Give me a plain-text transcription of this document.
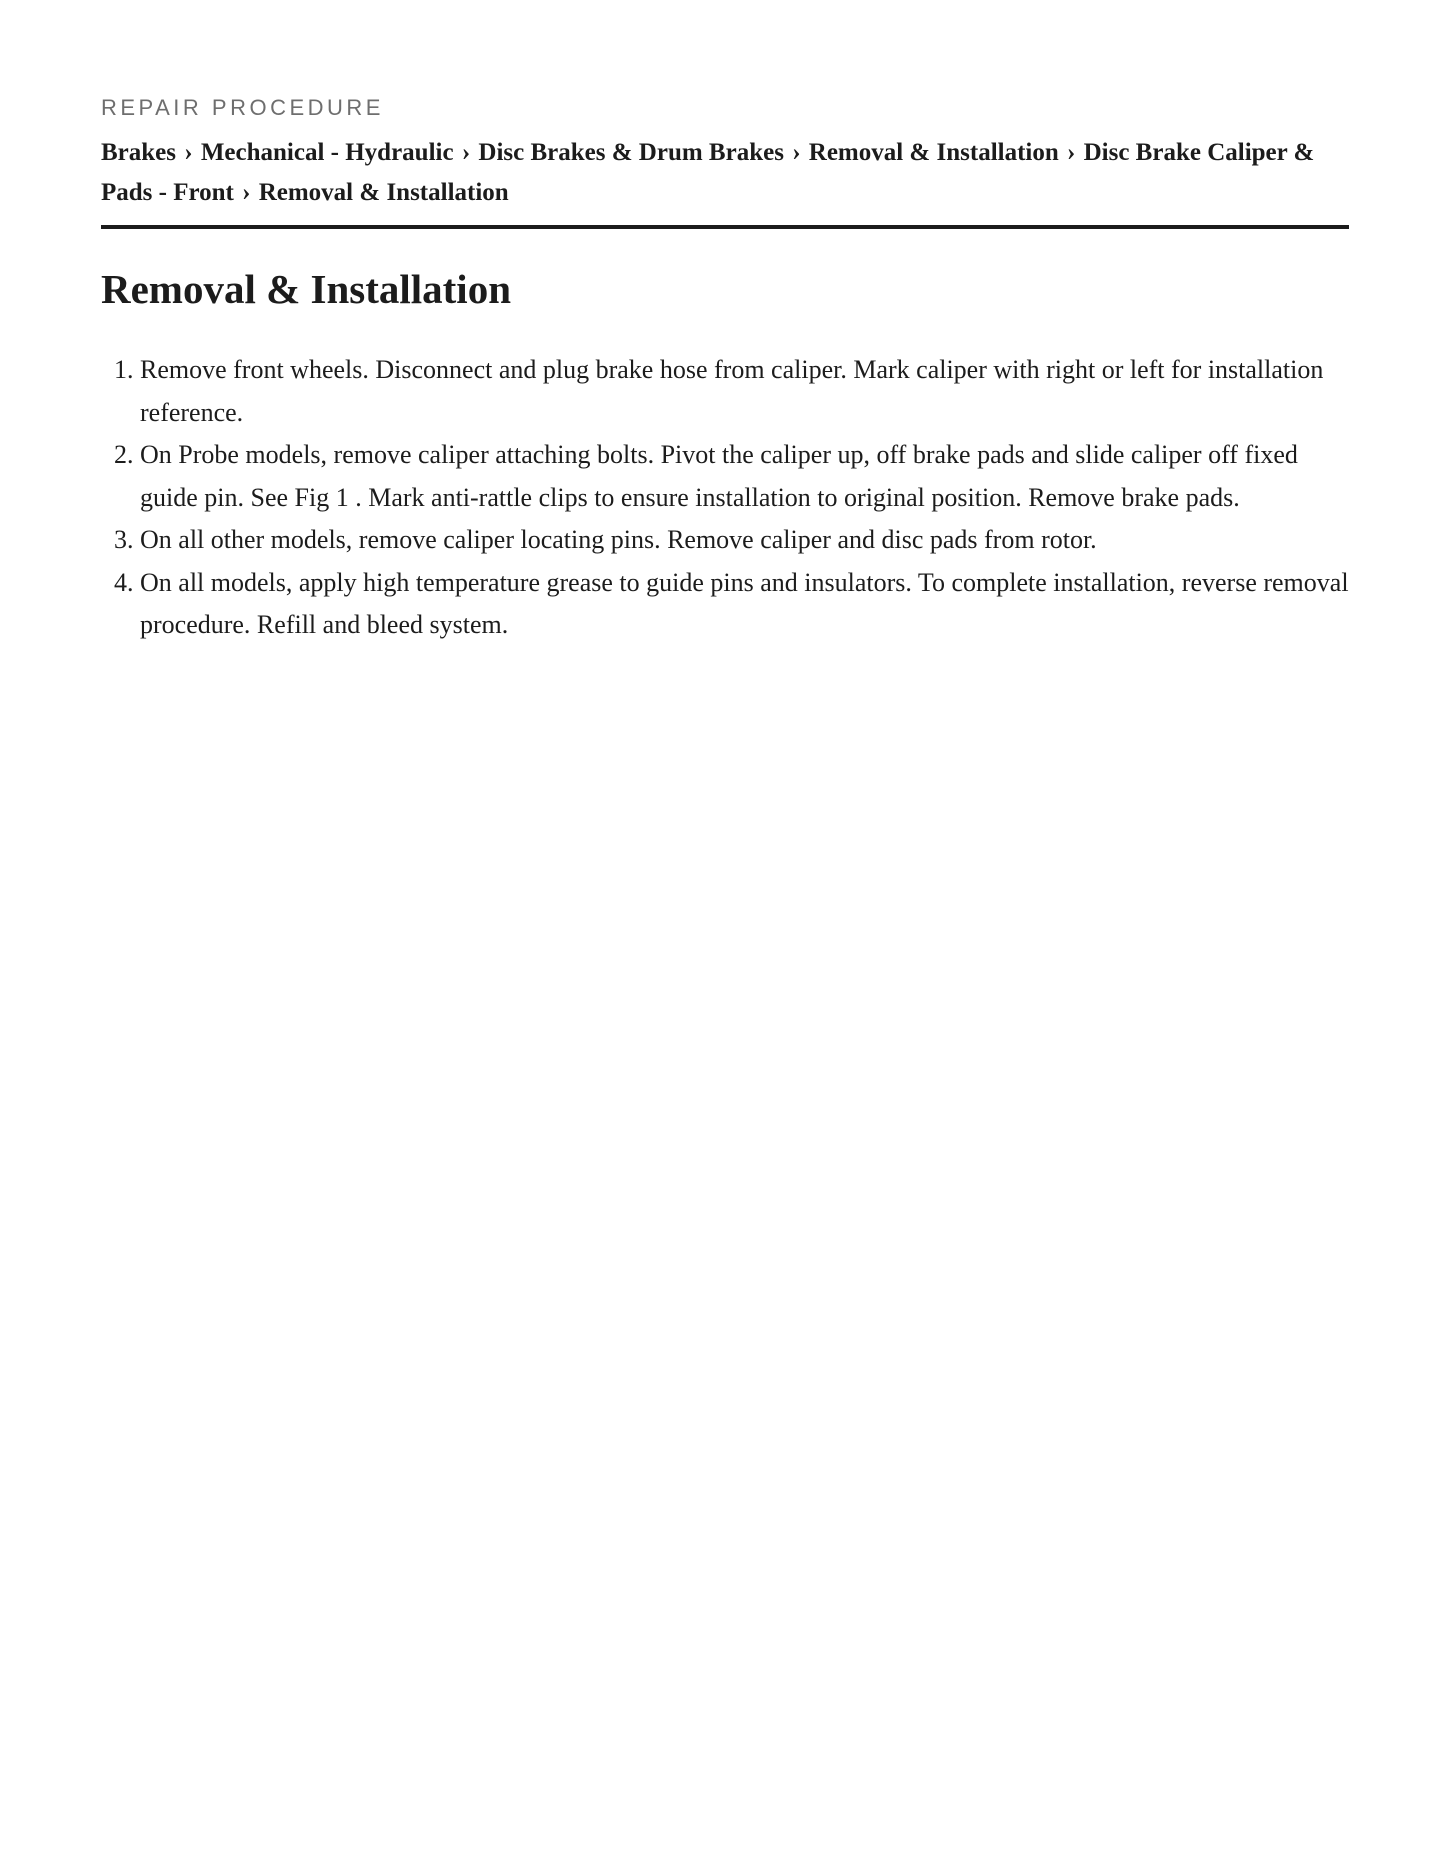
REPAIR PROCEDURE

Brakes › Mechanical - Hydraulic › Disc Brakes & Drum Brakes › Removal & Installation › Disc Brake Caliper & Pads - Front › Removal & Installation
Removal & Installation
1. Remove front wheels. Disconnect and plug brake hose from caliper. Mark caliper with right or left for installation reference.
2. On Probe models, remove caliper attaching bolts. Pivot the caliper up, off brake pads and slide caliper off fixed guide pin. See Fig 1 . Mark anti-rattle clips to ensure installation to original position. Remove brake pads.
3. On all other models, remove caliper locating pins. Remove caliper and disc pads from rotor.
4. On all models, apply high temperature grease to guide pins and insulators. To complete installation, reverse removal procedure. Refill and bleed system.
